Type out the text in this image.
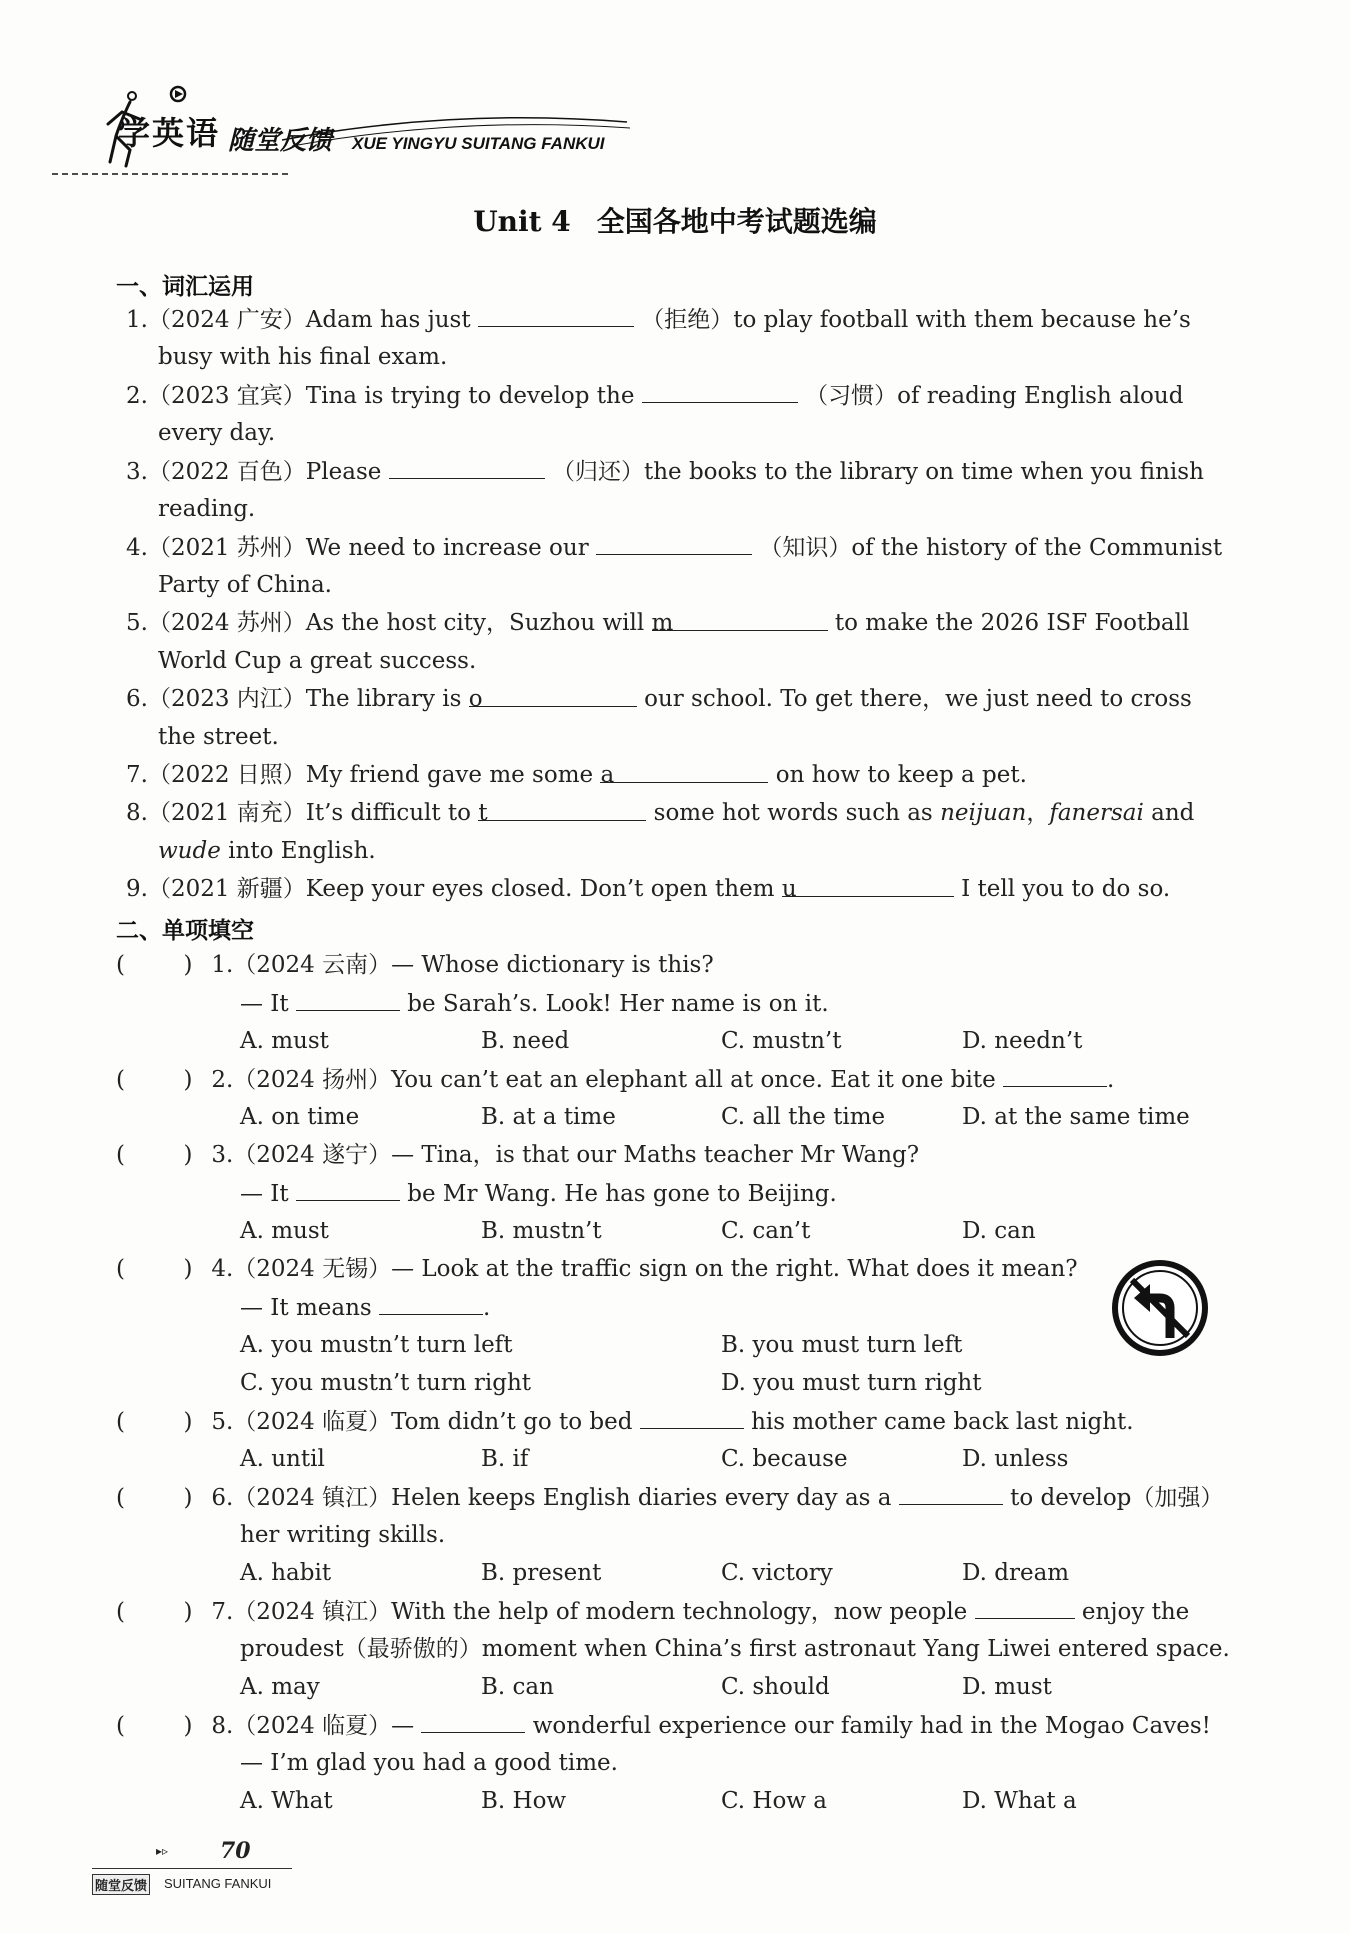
学英语 随堂反馈 XUE YINGYU SUITANG FANKUI
Unit 4 全国各地中考试题选编
一、词汇运用
1.（2024 广安）Adam has just	（拒绝）to play football with them because he’s
busy with his final exam.
2.（2023 宜宾）Tina is trying to develop the	（习惯）of reading English aloud
every day.
3.（2022 百色）Please	（归还）the books to the library on time when you finish
reading.
4.（2021 苏州）We need to increase our	（知识）of the history of the Communist
Party of China.
5.（2024 苏州）As the host city，Suzhou will m	to make the 2026 ISF Football
World Cup a great success.
6.（2023 内江）The library is o	our school. To get there，we just need to cross
the street.
7.（2022 日照）My friend gave me some a	on how to keep a pet.
8.（2021 南充）It’s difficult to t	some hot words such as neijuan，fanersai and
wude into English.
9.（2021 新疆）Keep your eyes closed. Don’t open them u	I tell you to do so.
二、单项填空
(        ) 1.（2024 云南）— Whose dictionary is this?
— It	be Sarah’s. Look! Her name is on it.
A. must	B. need	C. mustn’t	D. needn’t
(        ) 2.（2024 扬州）You can’t eat an elephant all at once. Eat it one bite	.
A. on time	B. at a time	C. all the time	D. at the same time
(        ) 3.（2024 遂宁）— Tina，is that our Maths teacher Mr Wang?
— It	be Mr Wang. He has gone to Beijing.
A. must	B. mustn’t	C. can’t	D. can
(        ) 4.（2024 无锡）— Look at the traffic sign on the right. What does it mean?
— It means	.
A. you mustn’t turn left	B. you must turn left
C. you mustn’t turn right	D. you must turn right
(        ) 5.（2024 临夏）Tom didn’t go to bed	his mother came back last night.
A. until	B. if	C. because	D. unless
(        ) 6.（2024 镇江）Helen keeps English diaries every day as a	to develop（加强）
her writing skills.
A. habit	B. present	C. victory	D. dream
(        ) 7.（2024 镇江）With the help of modern technology，now people	enjoy the
proudest（最骄傲的）moment when China’s first astronaut Yang Liwei entered space.
A. may	B. can	C. should	D. must
(        ) 8.（2024 临夏）—	wonderful experience our family had in the Mogao Caves!
— I’m glad you had a good time.
A. What	B. How	C. How a	D. What a
▸▹ 70
随堂反馈 SUITANG FANKUI
